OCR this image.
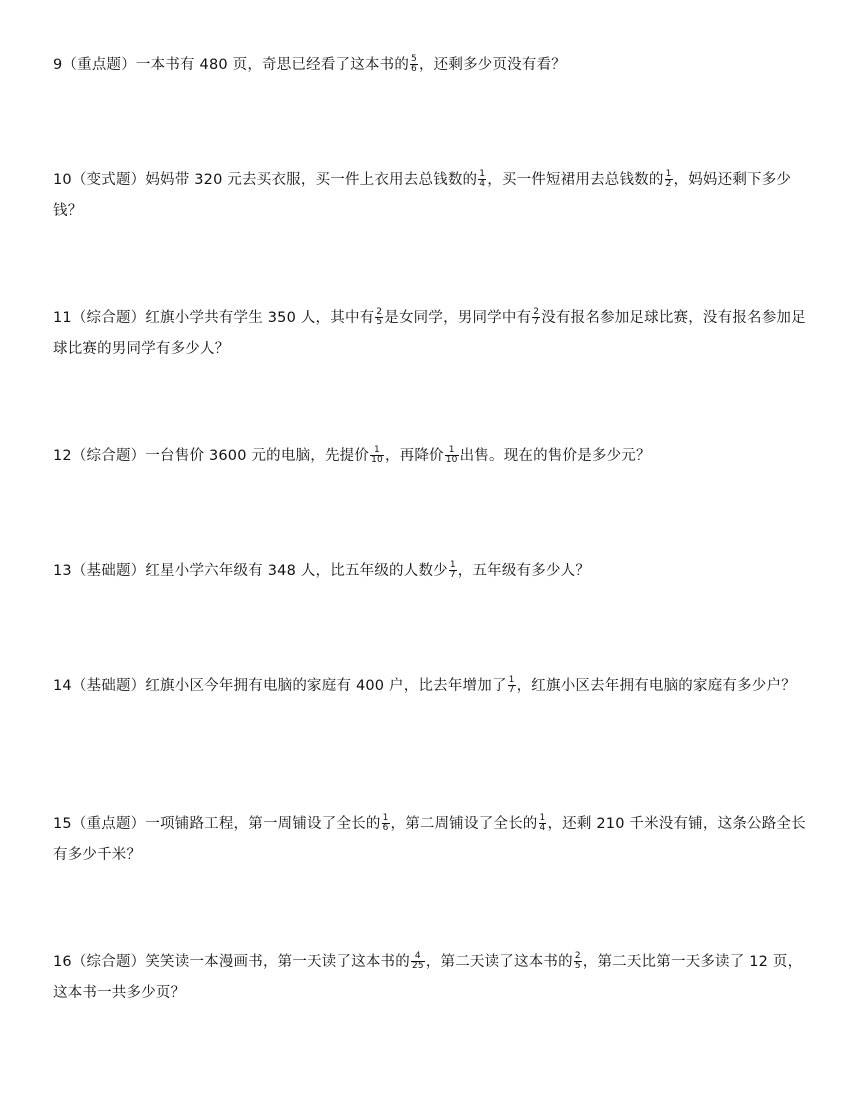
9（重点题）一本书有 480 页，奇思已经看了这本书的 $\frac{5}{6}$ ，还剩多少页没有看？
10（变式题）妈妈带 320 元去买衣服，买一件上衣用去总钱数的 $\frac{1}{4}$ ，买一件短裙用去总钱数的 $\frac{1}{2}$ ，妈妈还剩下多少钱？
11（综合题）红旗小学共有学生 350 人，其中有 $\frac{2}{5}$ 是女同学，男同学中有 $\frac{2}{7}$ 没有报名参加足球比赛，没有报名参加足球比赛的男同学有多少人？
12（综合题）一台售价 3600 元的电脑，先提价 $\frac{1}{10}$ ，再降价 $\frac{1}{10}$ 出售。现在的售价是多少元？
13（基础题）红星小学六年级有 348 人，比五年级的人数少 $\frac{1}{7}$ ，五年级有多少人？
14（基础题）红旗小区今年拥有电脑的家庭有 400 户，比去年增加了 $\frac{1}{7}$ ，红旗小区去年拥有电脑的家庭有多少户？
15（重点题）一项铺路工程，第一周铺设了全长的 $\frac{1}{6}$ ，第二周铺设了全长的 $\frac{1}{4}$ ，还剩 210 千米没有铺，这条公路全长有多少千米？
16（综合题）笑笑读一本漫画书，第一天读了这本书的 $\frac{4}{25}$ ，第二天读了这本书的 $\frac{2}{5}$ ，第二天比第一天多读了 12 页，这本书一共多少页？
